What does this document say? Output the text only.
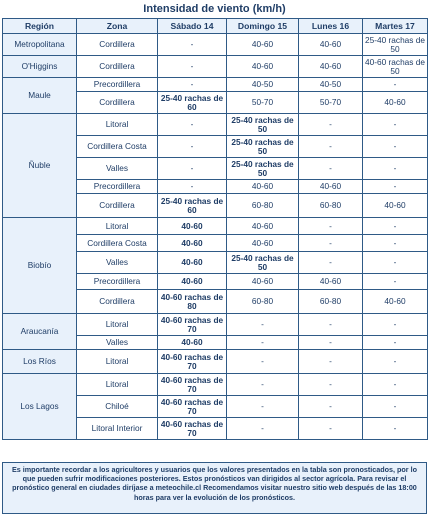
Intensidad de viento (km/h)
Región	Zona	Sábado 14	Domingo 15	Lunes 16	Martes 17
Metropolitana	Cordillera	-	40-60	40-60	25-40 rachas de 50
O'Higgins	Cordillera	-	40-60	40-60	40-60 rachas de 50
Maule	Precordillera	-	40-50	40-50	-
	Cordillera	25-40 rachas de 60	50-70	50-70	40-60
Ñuble	Litoral	-	25-40 rachas de 50	-	-
	Cordillera Costa	-	25-40 rachas de 50	-	-
	Valles	-	25-40 rachas de 50	-	-
	Precordillera	-	40-60	40-60	-
	Cordillera	25-40 rachas de 60	60-80	60-80	40-60
Biobío	Litoral	40-60	40-60	-	-
	Cordillera Costa	40-60	40-60	-	-
	Valles	40-60	25-40 rachas de 50	-	-
	Precordillera	40-60	40-60	40-60	-
	Cordillera	40-60 rachas de 80	60-80	60-80	40-60
Araucanía	Litoral	40-60 rachas de 70	-	-	-
	Valles	40-60	-	-	-
Los Ríos	Litoral	40-60 rachas de 70	-	-	-
Los Lagos	Litoral	40-60 rachas de 70	-	-	-
	Chiloé	40-60 rachas de 70	-	-	-
	Litoral Interior	40-60 rachas de 70	-	-	-
Es importante recordar a los agricultores y usuarios que los valores presentados en la tabla son pronosticados, por lo que pueden sufrir modificaciones posteriores. Estos pronósticos van dirigidos al sector agrícola. Para revisar el pronóstico general en ciudades diríjase a meteochile.cl Recomendamos visitar nuestro sitio web después de las 18:00 horas para ver la evolución de los pronósticos.
